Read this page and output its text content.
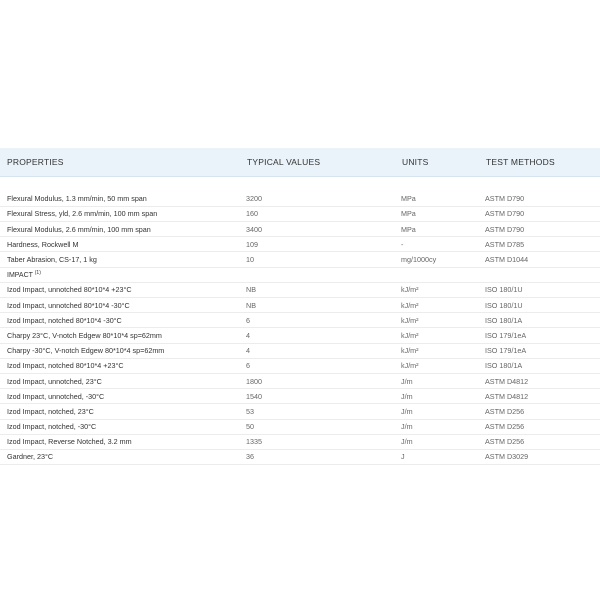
PROPERTIES	TYPICAL VALUES	UNITS	TEST METHODS

Flexural Modulus, 1.3 mm/min, 50 mm span	3200	MPa	ASTM D790
Flexural Stress, yld, 2.6 mm/min, 100 mm span	160	MPa	ASTM D790
Flexural Modulus, 2.6 mm/min, 100 mm span	3400	MPa	ASTM D790
Hardness, Rockwell M	109	-	ASTM D785
Taber Abrasion, CS-17, 1 kg	10	mg/1000cy	ASTM D1044
IMPACT $^{(1)}$
Izod Impact, unnotched 80*10*4 +23°C	NB	kJ/m²	ISO 180/1U
Izod Impact, unnotched 80*10*4 -30°C	NB	kJ/m²	ISO 180/1U
Izod Impact, notched 80*10*4 -30°C	6	kJ/m²	ISO 180/1A
Charpy 23°C, V-notch Edgew 80*10*4 sp=62mm	4	kJ/m²	ISO 179/1eA
Charpy -30°C, V-notch Edgew 80*10*4 sp=62mm	4	kJ/m²	ISO 179/1eA
Izod Impact, notched 80*10*4 +23°C	6	kJ/m²	ISO 180/1A
Izod Impact, unnotched, 23°C	1800	J/m	ASTM D4812
Izod Impact, unnotched, -30°C	1540	J/m	ASTM D4812
Izod Impact, notched, 23°C	53	J/m	ASTM D256
Izod Impact, notched, -30°C	50	J/m	ASTM D256
Izod Impact, Reverse Notched, 3.2 mm	1335	J/m	ASTM D256
Gardner, 23°C	36	J	ASTM D3029
